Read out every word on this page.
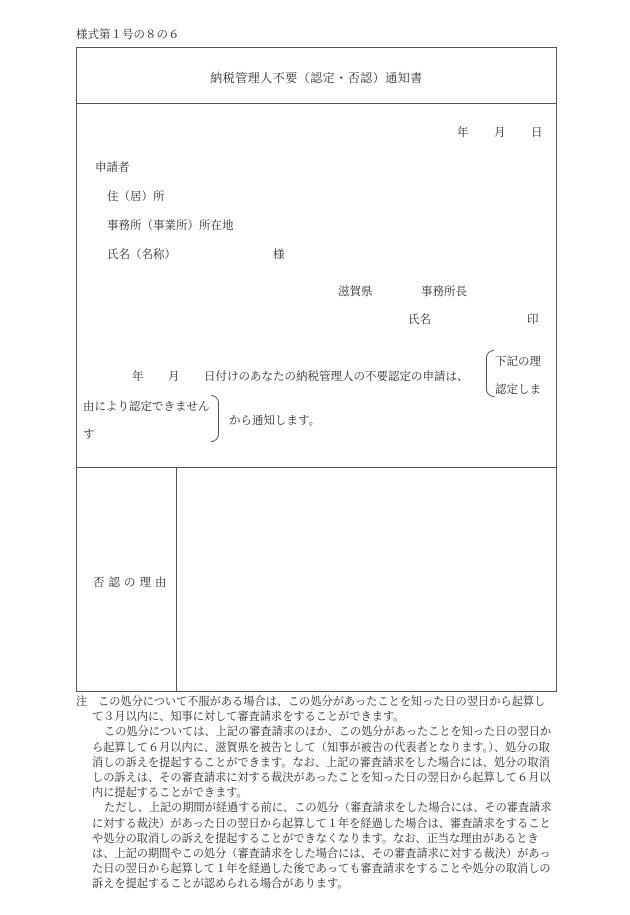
様式第１号の８の６
納税管理人不要（認定・否認）通知書
年 月 日
申請者
住（居）所
事務所（事業所）所在地
氏名（名称）	様
滋賀県	事務所長
氏名	印
年 月 日付けのあなたの納税管理人の不要認定の申請は、
下記の理
認定しま
由により認定できません
す
から通知します。
否認の理由

注 この処分について不服がある場合は、この処分があったことを知った日の翌日から起算して３月以内に、知事に対して審査請求をすることができます。

この処分については、上記の審査請求のほか、この処分があったことを知った日の翌日から起算して６月以内に、滋賀県を被告として（知事が被告の代表者となります。）、処分の取消しの訴えを提起することができます。なお、上記の審査請求をした場合には、処分の取消しの訴えは、その審査請求に対する裁決があったことを知った日の翌日から起算して６月以内に提起することができます。

ただし、上記の期間が経過する前に、この処分（審査請求をした場合には、その審査請求に対する裁決）があった日の翌日から起算して１年を経過した場合は、審査請求をすることや処分の取消しの訴えを提起することができなくなります。なお、正当な理由があるときは、上記の期間やこの処分（審査請求をした場合には、その審査請求に対する裁決）があった日の翌日から起算して１年を経過した後であっても審査請求をすることや処分の取消しの訴えを提起することが認められる場合があります。
